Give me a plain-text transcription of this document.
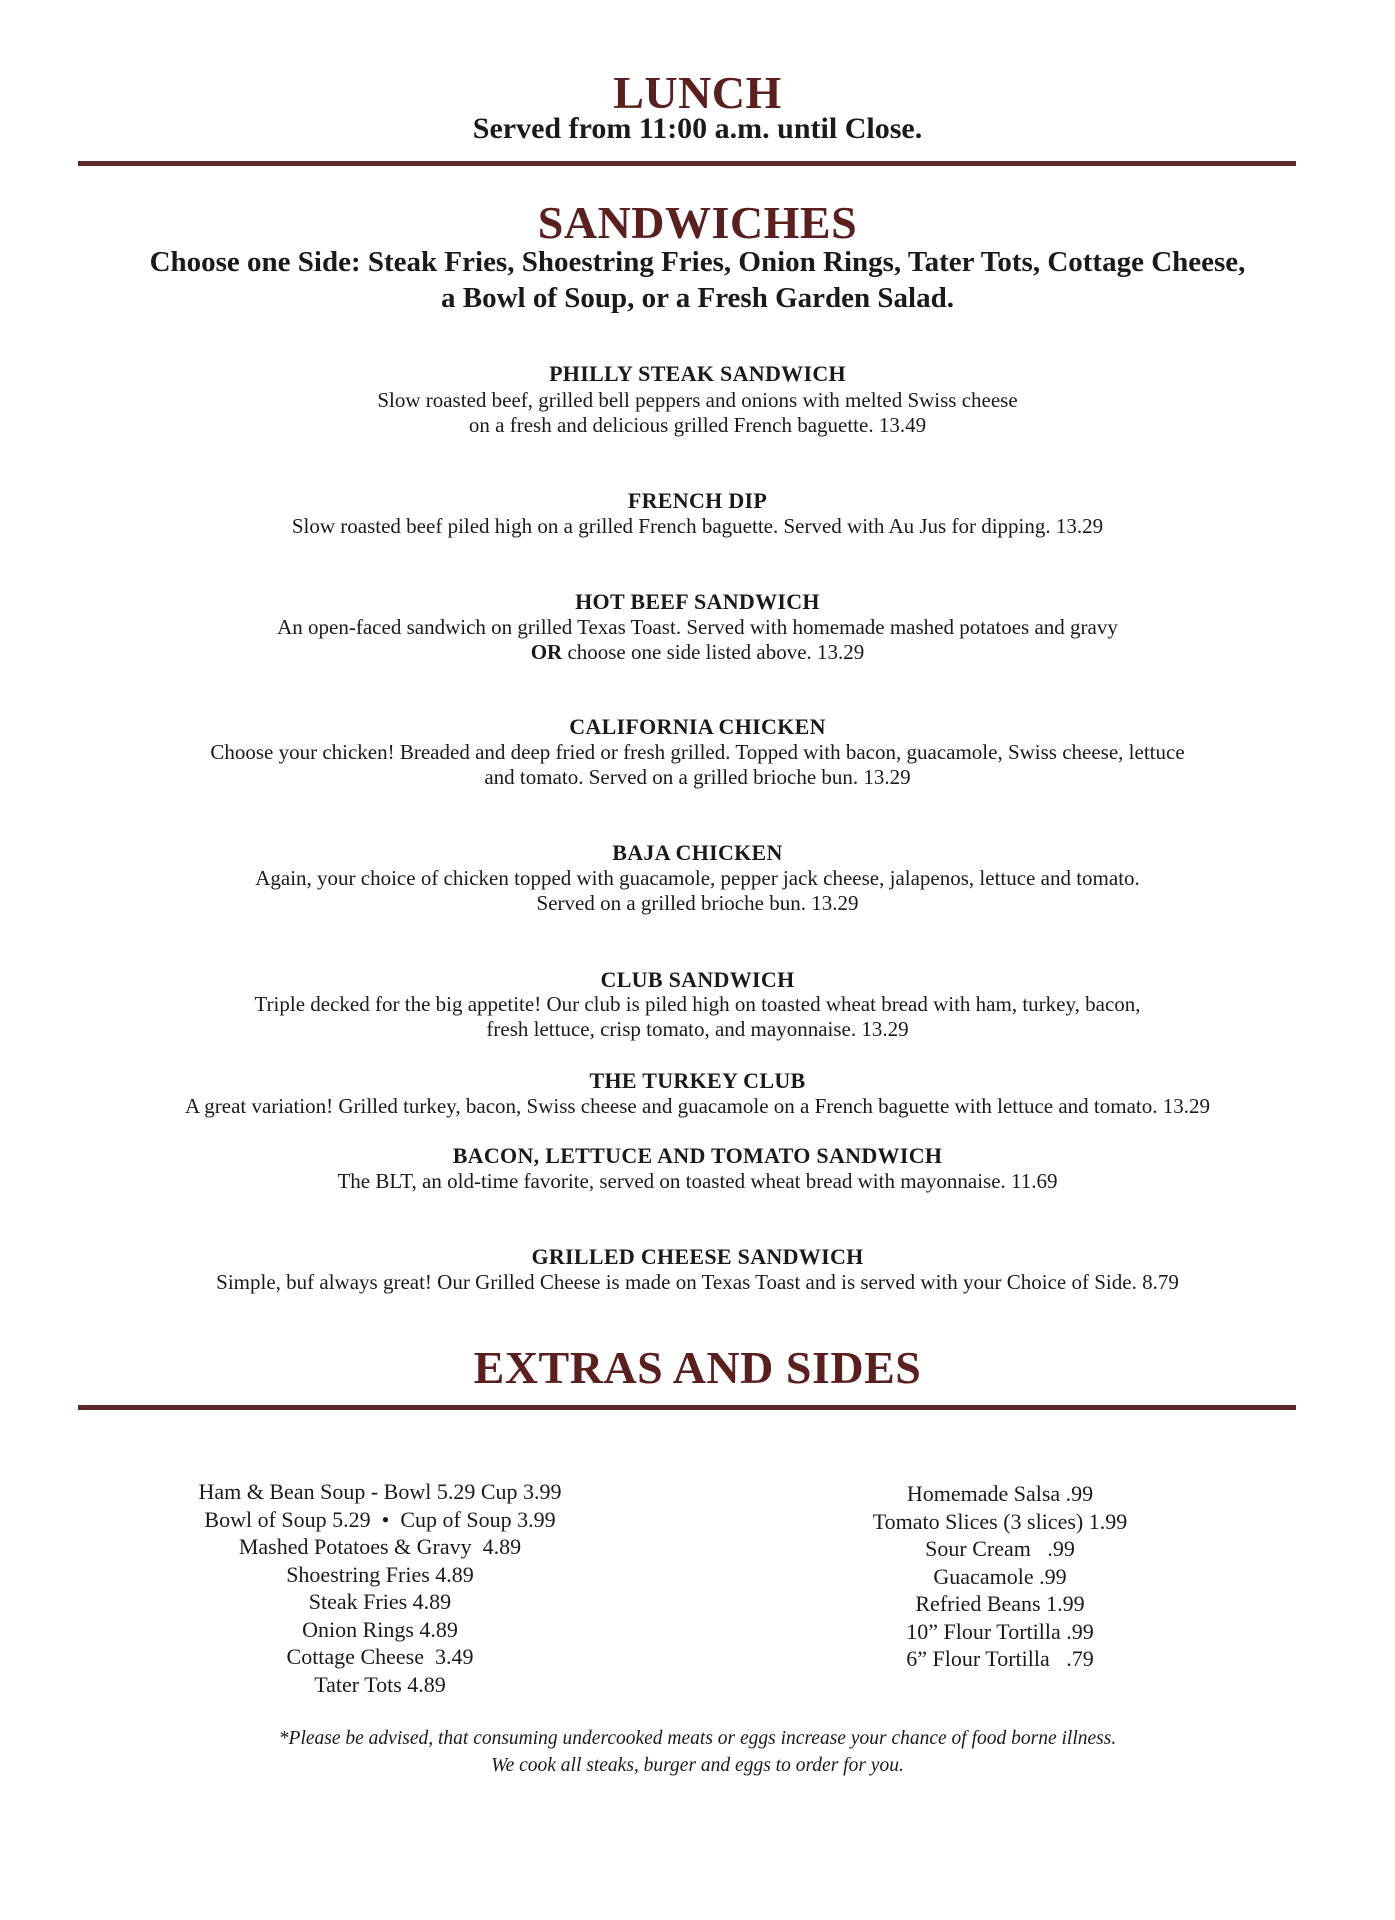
LUNCH
Served from 11:00 a.m. until Close.
SANDWICHES
Choose one Side: Steak Fries, Shoestring Fries, Onion Rings, Tater Tots, Cottage Cheese,
a Bowl of Soup, or a Fresh Garden Salad.
PHILLY STEAK SANDWICH
Slow roasted beef, grilled bell peppers and onions with melted Swiss cheese
on a fresh and delicious grilled French baguette. 13.49
FRENCH DIP
Slow roasted beef piled high on a grilled French baguette. Served with Au Jus for dipping. 13.29
HOT BEEF SANDWICH
An open-faced sandwich on grilled Texas Toast. Served with homemade mashed potatoes and gravy
OR choose one side listed above. 13.29
CALIFORNIA CHICKEN
Choose your chicken! Breaded and deep fried or fresh grilled. Topped with bacon, guacamole, Swiss cheese, lettuce
and tomato. Served on a grilled brioche bun. 13.29
BAJA CHICKEN
Again, your choice of chicken topped with guacamole, pepper jack cheese, jalapenos, lettuce and tomato.
Served on a grilled brioche bun. 13.29
CLUB SANDWICH
Triple decked for the big appetite! Our club is piled high on toasted wheat bread with ham, turkey, bacon,
fresh lettuce, crisp tomato, and mayonnaise. 13.29
THE TURKEY CLUB
A great variation! Grilled turkey, bacon, Swiss cheese and guacamole on a French baguette with lettuce and tomato. 13.29
BACON, LETTUCE AND TOMATO SANDWICH
The BLT, an old-time favorite, served on toasted wheat bread with mayonnaise. 11.69
GRILLED CHEESE SANDWICH
Simple, buf always great! Our Grilled Cheese is made on Texas Toast and is served with your Choice of Side. 8.79
EXTRAS AND SIDES
Ham & Bean Soup - Bowl 5.29 Cup 3.99
Bowl of Soup 5.29  •  Cup of Soup 3.99
Mashed Potatoes & Gravy  4.89
Shoestring Fries 4.89
Steak Fries 4.89
Onion Rings 4.89
Cottage Cheese  3.49
Tater Tots 4.89
Homemade Salsa .99
Tomato Slices (3 slices) 1.99
Sour Cream   .99
Guacamole .99
Refried Beans 1.99
10” Flour Tortilla .99
6” Flour Tortilla   .79
*Please be advised, that consuming undercooked meats or eggs increase your chance of food borne illness.
We cook all steaks, burger and eggs to order for you.
